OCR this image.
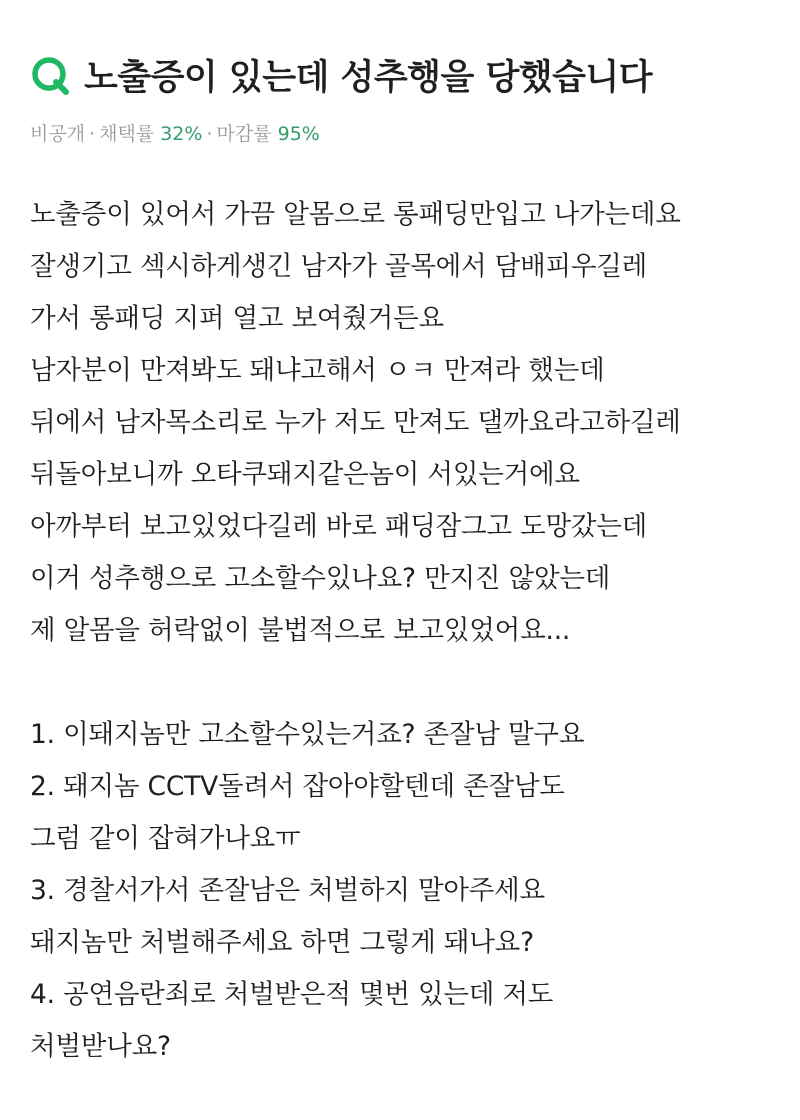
노출증이 있는데 성추행을 당했습니다
비공개 · 채택률 32% · 마감률 95%
노출증이 있어서 가끔 알몸으로 롱패딩만입고 나가는데요
잘생기고 섹시하게생긴 남자가 골목에서 담배피우길레
가서 롱패딩 지퍼 열고 보여줬거든요
남자분이 만져봐도 돼냐고해서 ㅇㅋ 만져라 했는데
뒤에서 남자목소리로 누가 저도 만져도 댈까요라고하길레
뒤돌아보니까 오타쿠돼지같은놈이 서있는거에요
아까부터 보고있었다길레 바로 패딩잠그고 도망갔는데
이거 성추행으로 고소할수있나요? 만지진 않았는데
제 알몸을 허락없이 불법적으로 보고있었어요...
1. 이돼지놈만 고소할수있는거죠? 존잘남 말구요
2. 돼지놈 CCTV돌려서 잡아야할텐데 존잘남도
그럼 같이 잡혀가나요ㅠ
3. 경찰서가서 존잘남은 처벌하지 말아주세요
돼지놈만 처벌해주세요 하면 그렇게 돼나요?
4. 공연음란죄로 처벌받은적 몇번 있는데 저도
처벌받나요?
